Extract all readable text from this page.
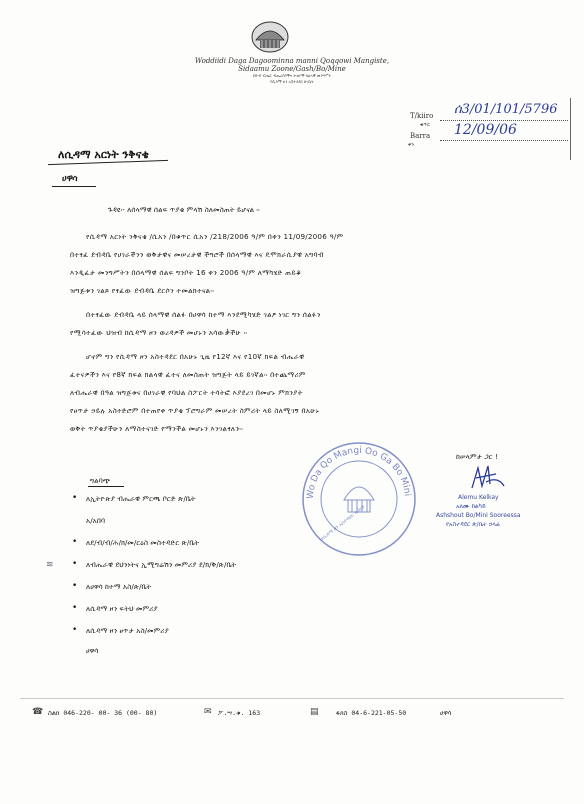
Woddiidi Daga Dagoominna manni Qoqqowi Mangiste,
Sidaamu Zoone/Gash/Bo/Mine
ደቡብ ብሔር ብሔረሰቦችና ሕዝቦች ክልላዊ መንግሥት
የሲዳማ ዞን አስተዳደር ጽ/ቤት
T/kiiro
ቁጥር
ሰ3/01/101/5796
Barra
ቀን
12/09/06
ለሲዳማ አርነት ንቅናቄ
ሀዋሳ
ጉዳዩ፡- ለሰላማዊ ሰልፍ ጥያቄ ምላሽ ስለመስጠት ይሆናል ፡፡
የሲዳማ አርነት ንቅናቄ /ሲአን /በቁጥር ሲአን /218/2006 ዓ/ም በቀን 11/09/2006 ዓ/ም
በተፃፈ ደብዳቤ የሀገራችንን ወቅታዊና መሠረታዊ ችግሮች በሰላማዊ እና ዴሞክራሲያዊ አግባብ
እንዲፈታ መንግሥትን በሰላማዊ ሰልፍ ግንቦት 16 ቀን 2006 ዓ/ም ለማካሄድ ጠይቆ
ዝግጅቱን ገልጾ የፃፈው ደብዳቤ ደርሶን ተመልክተናል፡፡
በተፃፈው ደብዳቤ ላይ ሰላማዊ ሰልፉ በሀዋሳ ከተማ እንደሚካሄድ ገልፆ ነገር ግን ሰልፉን
የሚሳተፈው ህዝብ ከሲዳማ ዞን ወረዳዎች መሆኑን አሳውቃችሁ ፡፡
ሆኖም ግን የሲዳማ ዞን አስተዳደር በአሁኑ ጊዜ የ12ኛ እና የ10ኛ ክፍል ብሔራዊ
ፈተናዎችን እና የ8ኛ ክፍል ክልላዊ ፈተና ለመስጠት ዝግጅት ላይ ይገኛል፡፡ በተጨማሪም
ለብሔራዊ በዓል ዝግጅቱና በሀገራዊ የባህል ስፖርት ተሳትፎ እያደረገ በመሆኑ ምክንያት
የፀጥታ ኃይሉ አስተድሮም በተጠየቀ ጥያቄ ፕሮግራም መሠረት ስምሪት ላይ ስለሚገኝ በአሁኑ
ወቅት ጥያቄያችሁን ለማስተናገድ የማንችል መሆኑን እንገልፃለን፡፡
ከሠላምታ ጋር !
Alemu Kelkay
አለሙ ከልካይ
Ashshout Bo/Mini Sooreessa
የአስተዳደር ጽ/ቤት ኃላፊ
Wo Da Qo Mangi Oo Ga Bo Mini
የሲዳማ ዞን አስተዳደር ጽ/ቤት
ግልባጭ
• ለኢትዮጵያ ብሔራዊ ምርጫ ቦርድ ጽ/ቤት
አ/አበባ
• ለደ/ብ/ብ/ሕ/ክ/መ/ርዕስ መስተዳድር ጽ/ቤት
• ለብሔራዊ ደህንነትና ኢሚግሬሽን መምሪያ ደ/ክ/ቅ/ጽ/ቤት
• ለሀዋሳ ከተማ አስ/ጽ/ቤት
• ለሲዳማ ዞን ፍትህ መምሪያ
• ለሲዳማ ዞን ፀጥታ አስ/መምሪያ
ሀዋሳ
≋
☎ ስልክ 046-220- 00- 36 (00- 80)	✉ ፖ.ሣ.ቁ. 163	▤	ፋክስ 04-6-221-05-50	ሀዋሳ
